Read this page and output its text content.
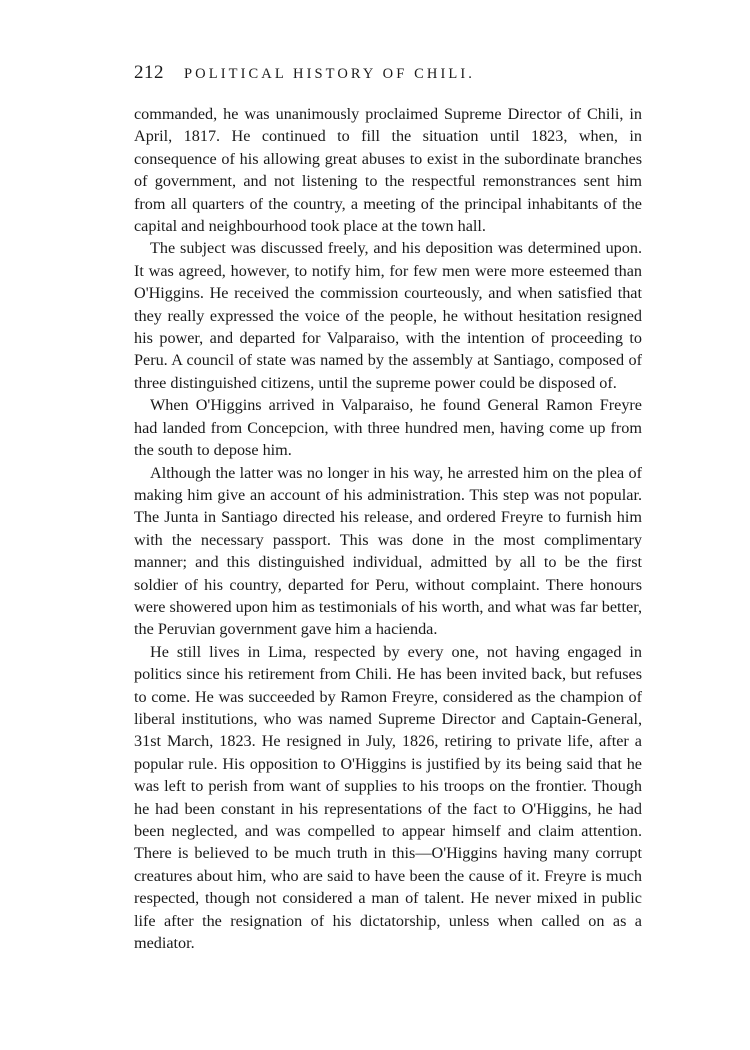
212 POLITICAL HISTORY OF CHILI.

commanded, he was unanimously proclaimed Supreme Director of Chili, in April, 1817. He continued to fill the situation until 1823, when, in consequence of his allowing great abuses to exist in the subordinate branches of government, and not listening to the respectful remonstrances sent him from all quarters of the country, a meeting of the principal inhabitants of the capital and neighbourhood took place at the town hall.

The subject was discussed freely, and his deposition was determined upon. It was agreed, however, to notify him, for few men were more esteemed than O'Higgins. He received the commission courteously, and when satisfied that they really expressed the voice of the people, he without hesitation resigned his power, and departed for Valparaiso, with the intention of proceeding to Peru. A council of state was named by the assembly at Santiago, composed of three distinguished citizens, until the supreme power could be disposed of.

When O'Higgins arrived in Valparaiso, he found General Ramon Freyre had landed from Concepcion, with three hundred men, having come up from the south to depose him.

Although the latter was no longer in his way, he arrested him on the plea of making him give an account of his administration. This step was not popular. The Junta in Santiago directed his release, and ordered Freyre to furnish him with the necessary passport. This was done in the most complimentary manner; and this distinguished individual, admitted by all to be the first soldier of his country, departed for Peru, without complaint. There honours were showered upon him as testimonials of his worth, and what was far better, the Peruvian government gave him a hacienda.

He still lives in Lima, respected by every one, not having engaged in politics since his retirement from Chili. He has been invited back, but refuses to come. He was succeeded by Ramon Freyre, considered as the champion of liberal institutions, who was named Supreme Director and Captain-General, 31st March, 1823. He resigned in July, 1826, retiring to private life, after a popular rule. His opposition to O'Higgins is justified by its being said that he was left to perish from want of supplies to his troops on the frontier. Though he had been constant in his representations of the fact to O'Higgins, he had been neglected, and was compelled to appear himself and claim attention. There is believed to be much truth in this—O'Higgins having many corrupt creatures about him, who are said to have been the cause of it. Freyre is much respected, though not considered a man of talent. He never mixed in public life after the resignation of his dictatorship, unless when called on as a mediator.
